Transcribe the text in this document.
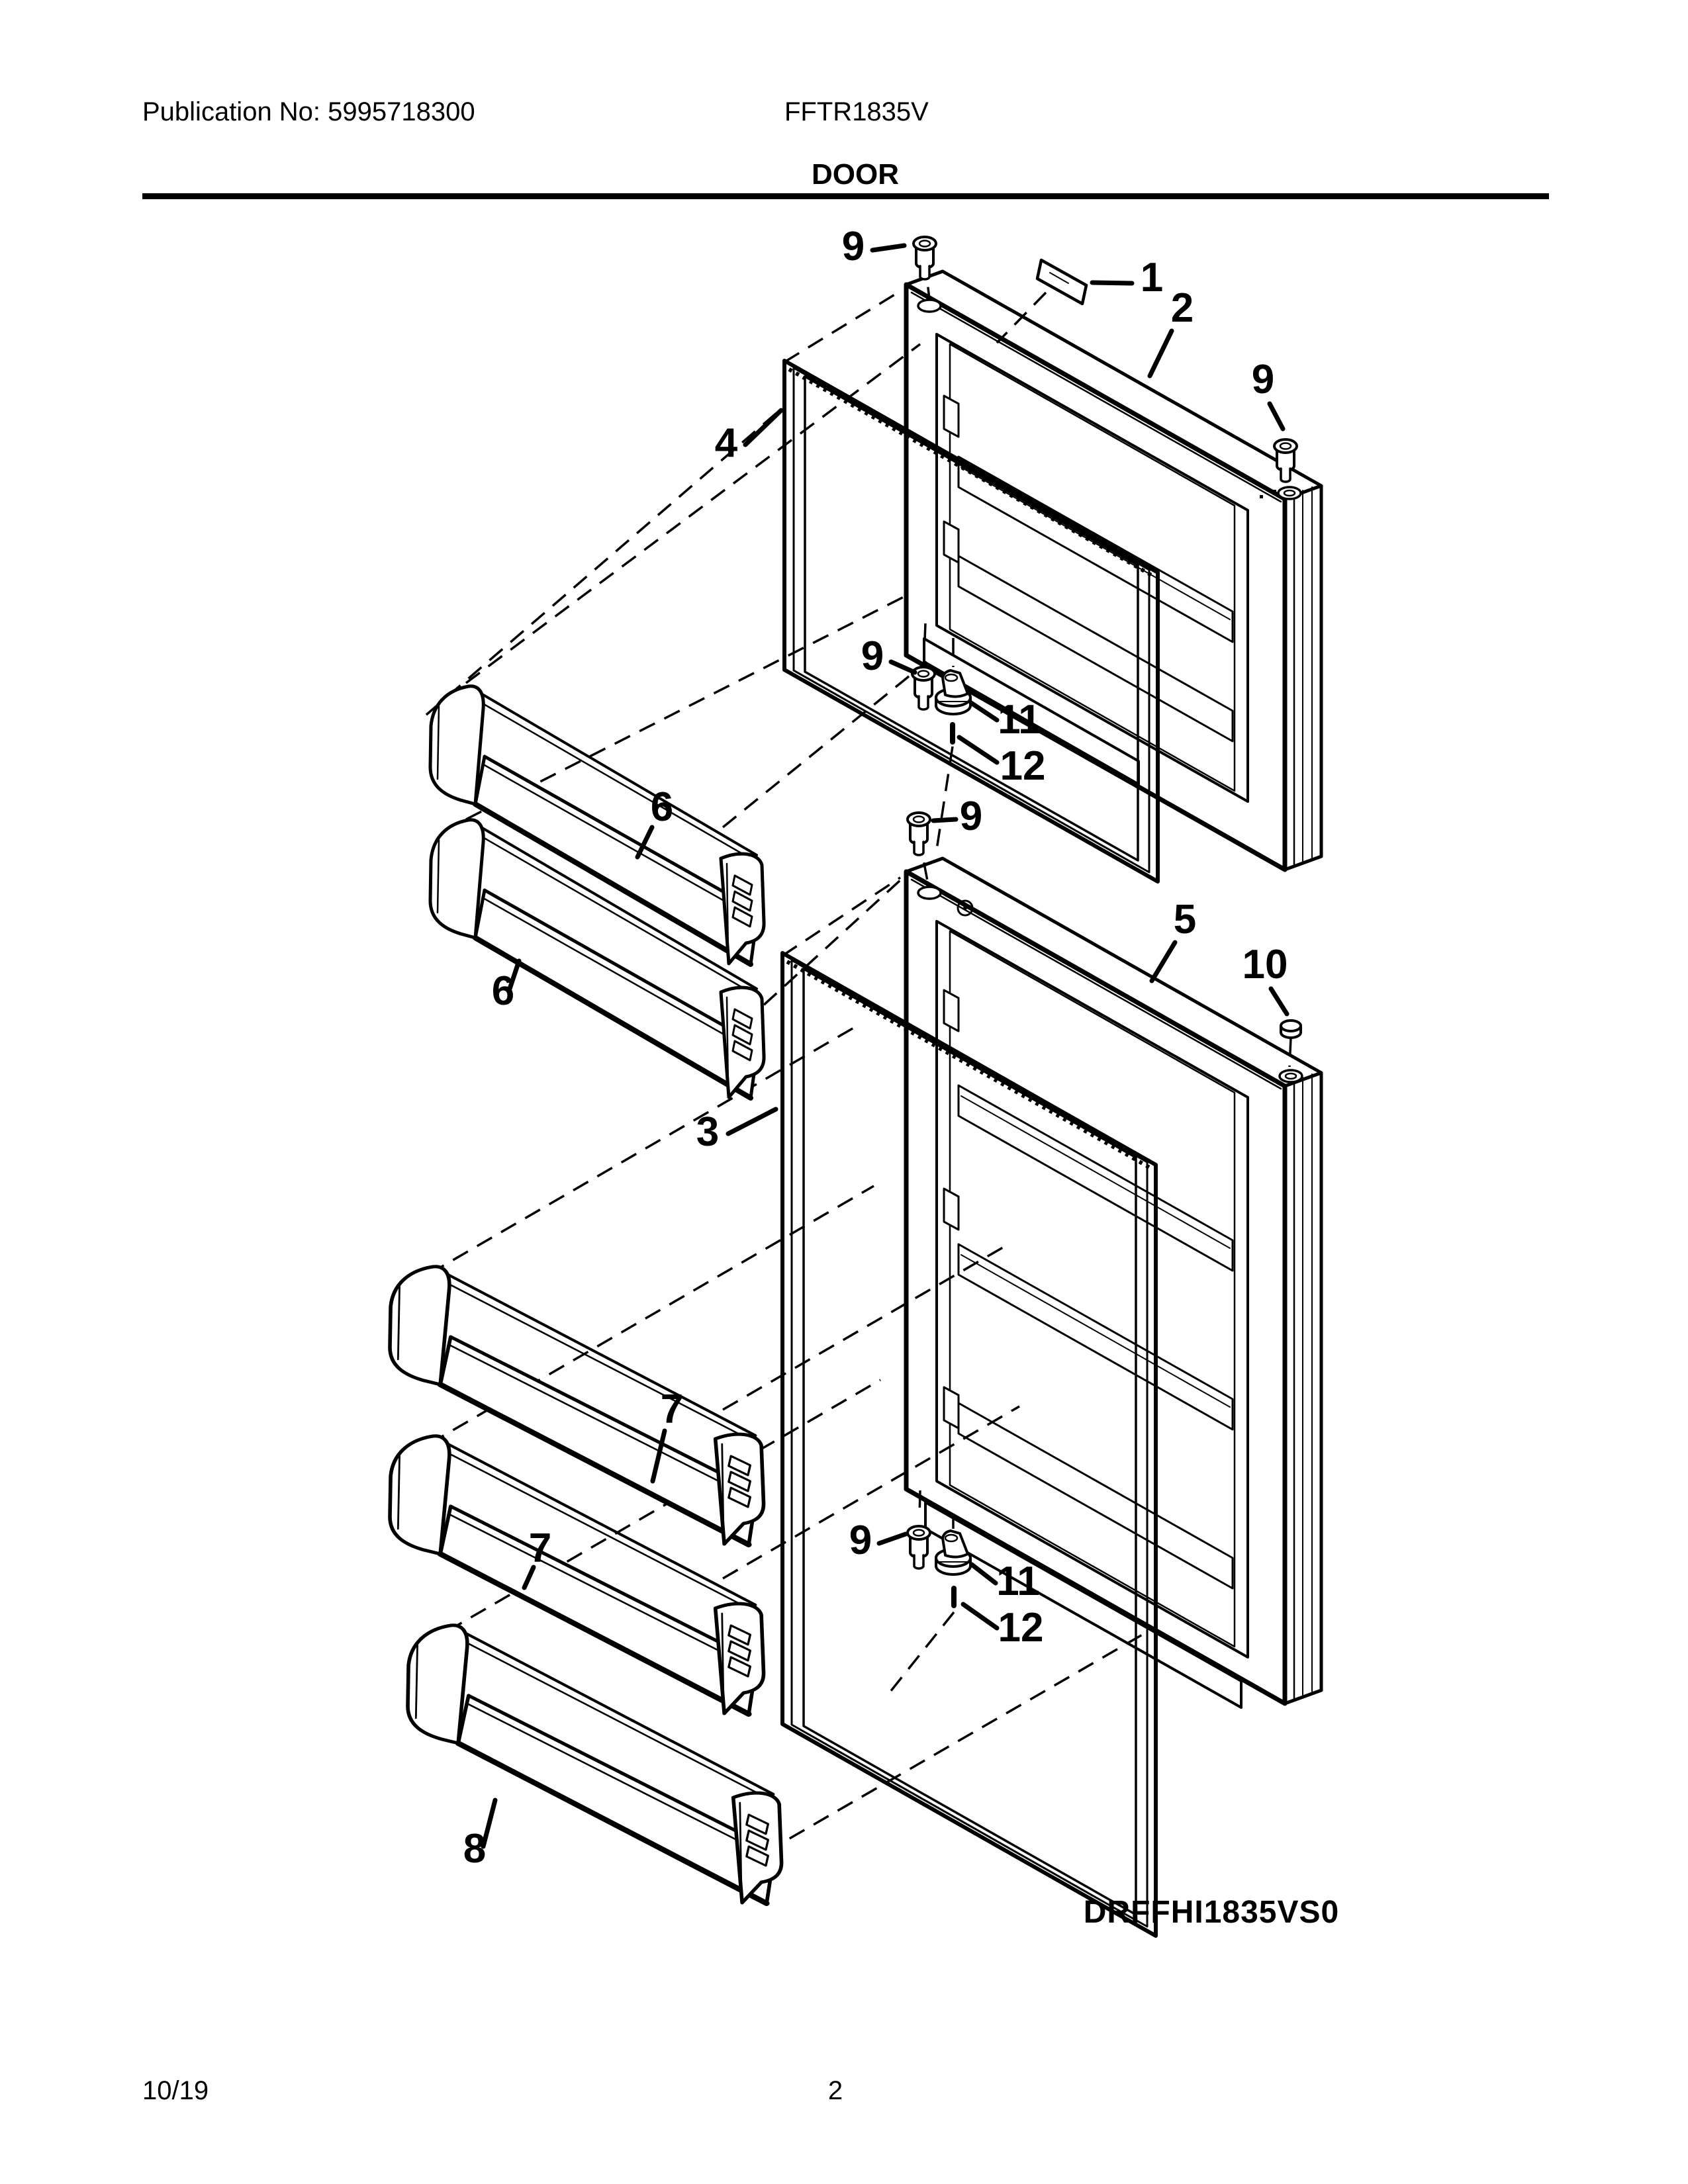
Publication No: 5995718300	FFTR1835V
DOOR
DRFFHI1835VS0
10/19	2
9
1
2
9
4
6
6
9
11
12
9
5
10
3
7
7	9
11
12
8
